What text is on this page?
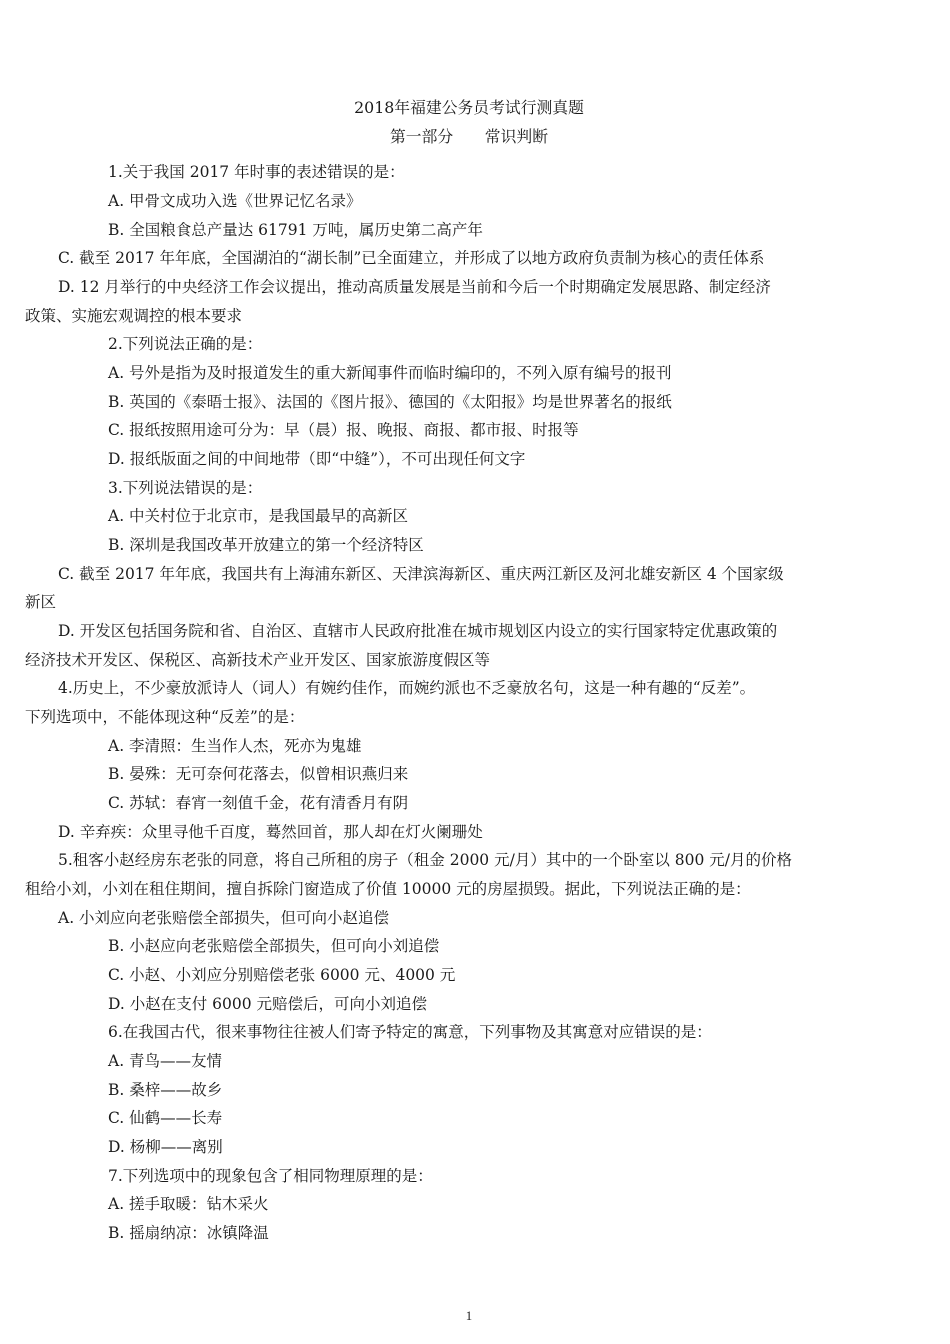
2018年福建公务员考试行测真题
第一部分　　常识判断
1.关于我国 2017 年时事的表述错误的是：
A. 甲骨文成功入选《世界记忆名录》
B. 全国粮食总产量达 61791 万吨，属历史第二高产年
C. 截至 2017 年年底，全国湖泊的“湖长制”已全面建立，并形成了以地方政府负责制为核心的责任体系
D. 12 月举行的中央经济工作会议提出，推动高质量发展是当前和今后一个时期确定发展思路、制定经济
政策、实施宏观调控的根本要求
2.下列说法正确的是：
A. 号外是指为及时报道发生的重大新闻事件而临时编印的，不列入原有编号的报刊
B. 英国的《泰晤士报》、法国的《图片报》、德国的《太阳报》均是世界著名的报纸
C. 报纸按照用途可分为：早（晨）报、晚报、商报、都市报、时报等
D. 报纸版面之间的中间地带（即“中缝”），不可出现任何文字
3.下列说法错误的是：
A. 中关村位于北京市，是我国最早的高新区
B. 深圳是我国改革开放建立的第一个经济特区
C. 截至 2017 年年底，我国共有上海浦东新区、天津滨海新区、重庆两江新区及河北雄安新区 4 个国家级
新区
D. 开发区包括国务院和省、自治区、直辖市人民政府批准在城市规划区内设立的实行国家特定优惠政策的
经济技术开发区、保税区、高新技术产业开发区、国家旅游度假区等
4.历史上，不少豪放派诗人（词人）有婉约佳作，而婉约派也不乏豪放名句，这是一种有趣的“反差”。
下列选项中，不能体现这种“反差”的是：
A. 李清照：生当作人杰，死亦为鬼雄
B. 晏殊：无可奈何花落去，似曾相识燕归来
C. 苏轼：春宵一刻值千金，花有清香月有阴
D. 辛弃疾：众里寻他千百度，蓦然回首，那人却在灯火阑珊处
5.租客小赵经房东老张的同意，将自己所租的房子（租金 2000 元/月）其中的一个卧室以 800 元/月的价格
租给小刘，小刘在租住期间，擅自拆除门窗造成了价值 10000 元的房屋损毁。据此，下列说法正确的是：
A. 小刘应向老张赔偿全部损失，但可向小赵追偿
B. 小赵应向老张赔偿全部损失，但可向小刘追偿
C. 小赵、小刘应分别赔偿老张 6000 元、4000 元
D. 小赵在支付 6000 元赔偿后，可向小刘追偿
6.在我国古代，很来事物往往被人们寄予特定的寓意，下列事物及其寓意对应错误的是：
A. 青鸟——友情
B. 桑梓——故乡
C. 仙鹤——长寿
D. 杨柳——离别
7.下列选项中的现象包含了相同物理原理的是：
A. 搓手取暖：钻木采火
B. 摇扇纳凉：冰镇降温
1
